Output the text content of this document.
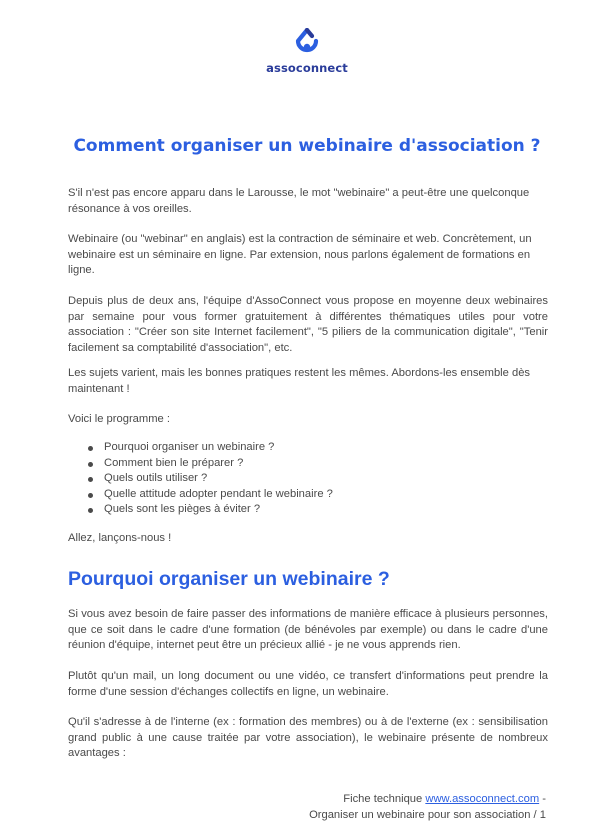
assoconnect
Comment organiser un webinaire d'association ?

S'il n'est pas encore apparu dans le Larousse, le mot "webinaire" a peut-être une quelconque résonance à vos oreilles.

Webinaire (ou "webinar" en anglais) est la contraction de séminaire et web. Concrètement, un webinaire est un séminaire en ligne. Par extension, nous parlons également de formations en ligne.

Depuis plus de deux ans, l'équipe d'AssoConnect vous propose en moyenne deux webinaires par semaine pour vous former gratuitement à différentes thématiques utiles pour votre association : "Créer son site Internet facilement", "5 piliers de la communication digitale", "Tenir facilement sa comptabilité d'association", etc.

Les sujets varient, mais les bonnes pratiques restent les mêmes. Abordons-les ensemble dès maintenant !

Voici le programme :

Pourquoi organiser un webinaire ?
Comment bien le préparer ?
Quels outils utiliser ?
Quelle attitude adopter pendant le webinaire ?
Quels sont les pièges à éviter ?

Allez, lançons-nous !

Pourquoi organiser un webinaire ?

Si vous avez besoin de faire passer des informations de manière efficace à plusieurs personnes, que ce soit dans le cadre d'une formation (de bénévoles par exemple) ou dans le cadre d'une réunion d'équipe, internet peut être un précieux allié - je ne vous apprends rien.

Plutôt qu'un mail, un long document ou une vidéo, ce transfert d'informations peut prendre la forme d'une session d'échanges collectifs en ligne, un webinaire.

Qu'il s'adresse à de l'interne (ex : formation des membres) ou à de l'externe (ex : sensibilisation grand public à une cause traitée par votre association), le webinaire présente de nombreux avantages :

Fiche technique www.assoconnect.com -
Organiser un webinaire pour son association / 1
